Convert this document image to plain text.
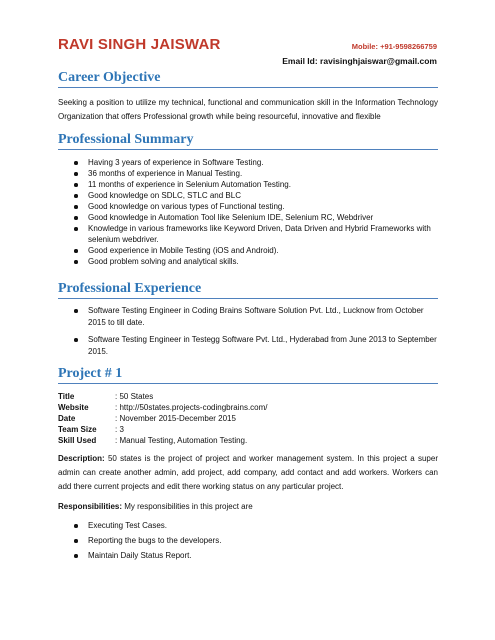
RAVI SINGH JAISWAR	Mobile: +91-9598266759
Email Id: ravisinghjaiswar@gmail.com
Career Objective
Seeking a position to utilize my technical, functional and communication skill in the Information Technology Organization that offers Professional growth while being resourceful, innovative and flexible
Professional Summary
Having 3 years of experience in Software Testing.
36 months of experience in Manual Testing.
11 months of experience in Selenium Automation Testing.
Good knowledge on SDLC, STLC and BLC
Good knowledge on various types of Functional testing.
Good knowledge in Automation Tool like Selenium IDE, Selenium RC, Webdriver
Knowledge in various frameworks like Keyword Driven, Data Driven and Hybrid Frameworks with selenium webdriver.
Good experience in Mobile Testing (iOS and Android).
Good problem solving and analytical skills.
Professional Experience
Software Testing Engineer in Coding Brains Software Solution Pvt. Ltd., Lucknow from October 2015 to till date.
Software Testing Engineer in Testegg Software Pvt. Ltd., Hyderabad from June 2013 to September 2015.
Project # 1
Title	: 50 States
Website	: http://50states.projects-codingbrains.com/
Date	: November 2015-December 2015
Team Size	: 3
Skill Used	: Manual Testing, Automation Testing.
Description: 50 states is the project of project and worker management system. In this project a super admin can create another admin, add project, add company, add contact and add workers. Workers can add there current projects and edit there working status on any particular project.
Responsibilities: My responsibilities in this project are
Executing Test Cases.
Reporting the bugs to the developers.
Maintain Daily Status Report.
